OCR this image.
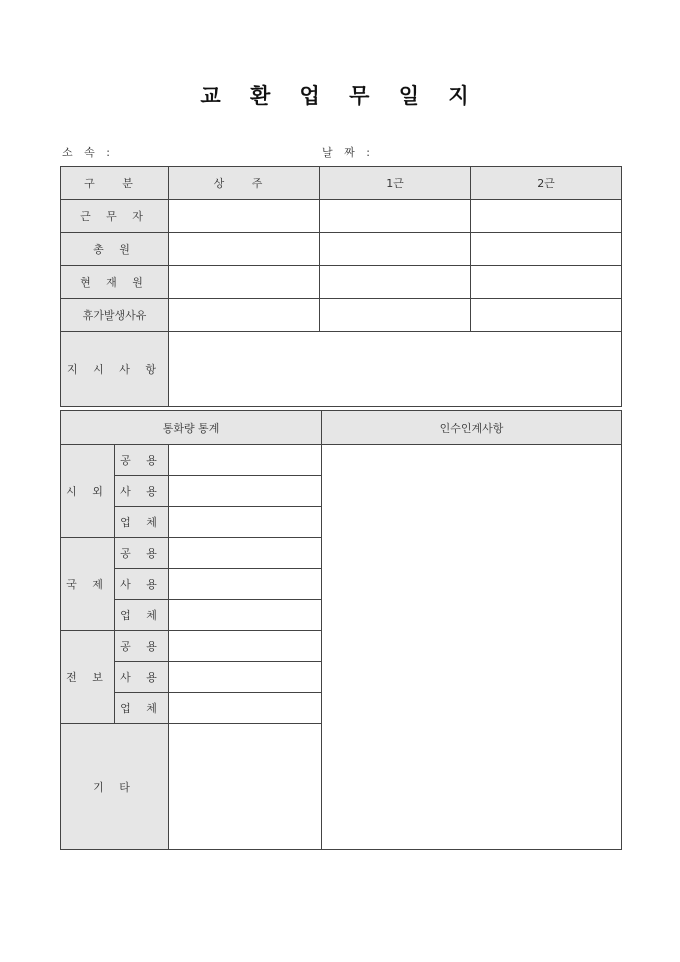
교 환 업 무 일 지
소 속 :	날 짜 :
구 분	상 주	1근	2근
근 무 자			
총 원			
현 재 원			
휴가발생사유			
지 시 사 항			
통화량 통계			인수인계사항
시 외	공 용		
	사 용		
	업 체		
국 제	공 용		
	사 용		
	업 체		
전 보	공 용		
	사 용		
	업 체		
기 타			
